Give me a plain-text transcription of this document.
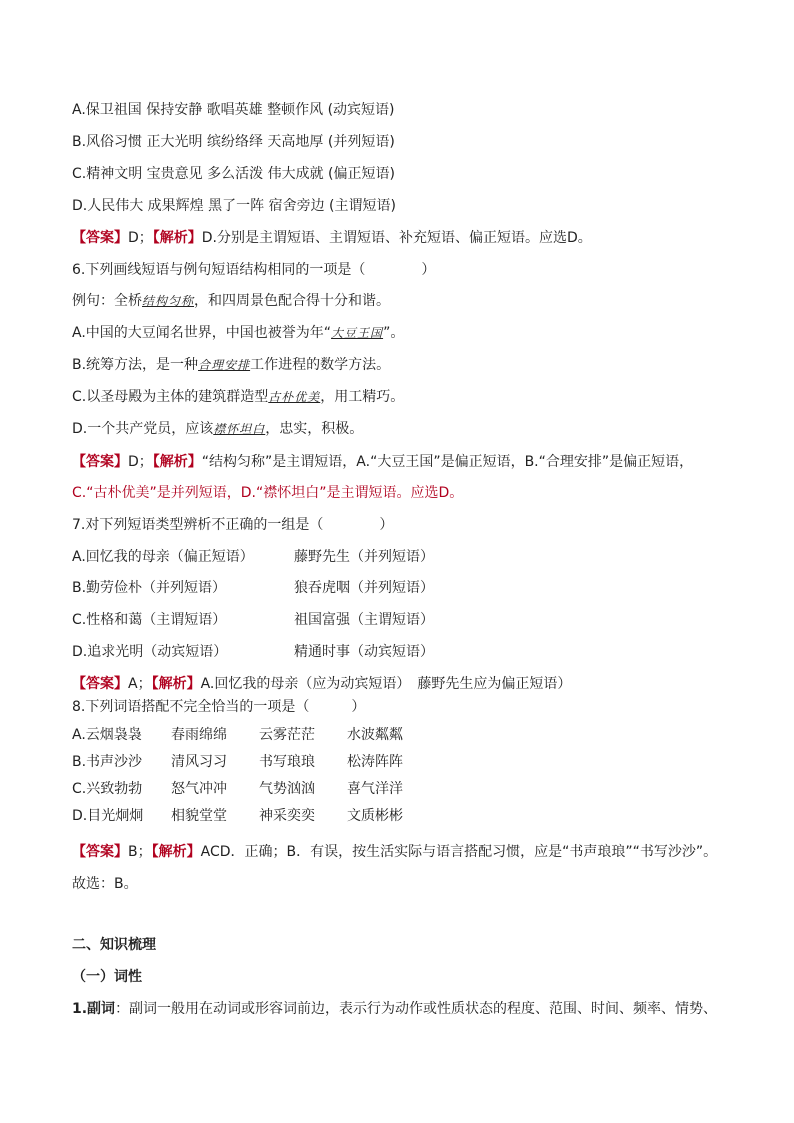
A.保卫祖国 保持安静 歌唱英雄 整顿作风 (动宾短语)
B.风俗习惯 正大光明 缤纷络绎 天高地厚 (并列短语)
C.精神文明 宝贵意见 多么活泼 伟大成就 (偏正短语)
D.人民伟大 成果辉煌 黑了一阵 宿舍旁边 (主谓短语)
【答案】D；【解析】D.分别是主谓短语、主谓短语、补充短语、偏正短语。应选D。
6.下列画线短语与例句短语结构相同的一项是（　　　　）
例句：全桥结构匀称，和四周景色配合得十分和谐。
A.中国的大豆闻名世界，中国也被誉为年“大豆王国”。
B.统筹方法，是一种合理安排工作进程的数学方法。
C.以圣母殿为主体的建筑群造型古朴优美，用工精巧。
D.一个共产党员，应该襟怀坦白，忠实，积极。
【答案】D；【解析】“结构匀称”是主谓短语，A.“大豆王国”是偏正短语，B.“合理安排”是偏正短语，
C.“古朴优美”是并列短语，D.“襟怀坦白”是主谓短语。应选D。
7.对下列短语类型辨析不正确的一组是（　　　　）
A.回忆我的母亲（偏正短语）	藤野先生（并列短语）
B.勤劳俭朴（并列短语）	狼吞虎咽（并列短语）
C.性格和蔼（主谓短语）	祖国富强（主谓短语）
D.追求光明（动宾短语）	精通时事（动宾短语）
【答案】A；【解析】A.回忆我的母亲（应为动宾短语）　藤野先生应为偏正短语）
8.下列词语搭配不完全恰当的一项是（　　　）
A.云烟袅袅 春雨绵绵 云雾茫茫 水波粼粼
B.书声沙沙 清风习习 书写琅琅 松涛阵阵
C.兴致勃勃 怒气冲冲 气势汹汹 喜气洋洋
D.目光炯炯 相貌堂堂 神采奕奕 文质彬彬
【答案】B；【解析】ACD．正确；B．有误，按生活实际与语言搭配习惯，应是“书声琅琅”“书写沙沙”。
故选：B。
二、知识梳理
（一）词性
1.副词：副词一般用在动词或形容词前边，表示行为动作或性质状态的程度、范围、时间、频率、情势、
